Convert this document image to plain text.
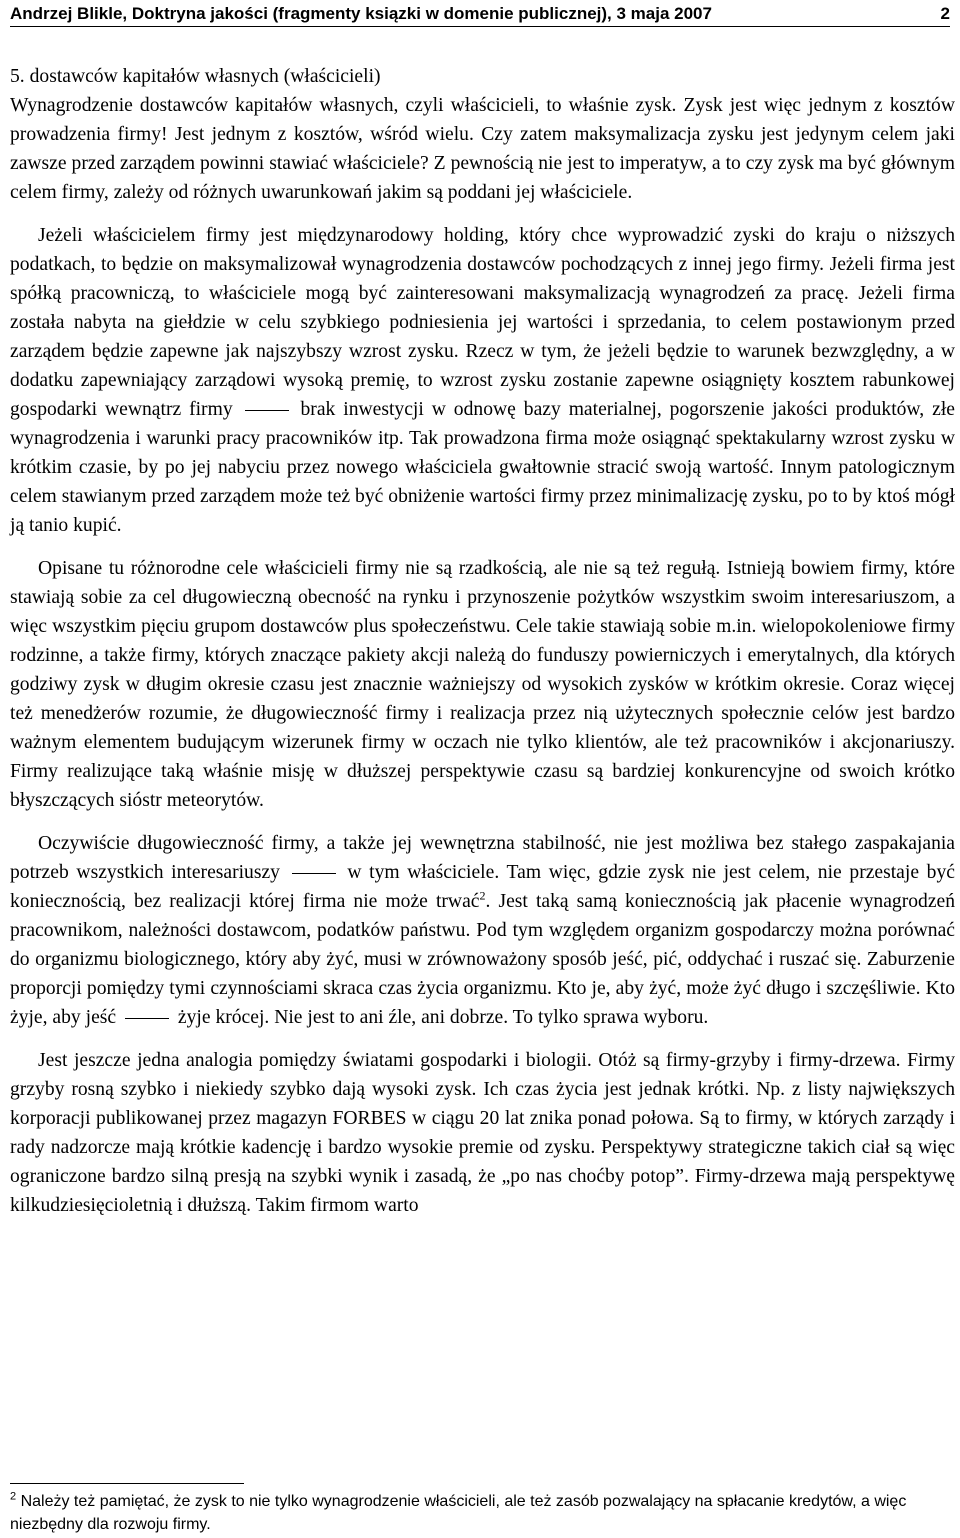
Andrzej Blikle, Doktryna jakości (fragmenty ksiązki w domenie publicznej), 3 maja 2007	2

5. dostawców kapitałów własnych (właścicieli)

Wynagrodzenie dostawców kapitałów własnych, czyli właścicieli, to właśnie zysk. Zysk jest więc jednym z kosztów prowadzenia firmy! Jest jednym z kosztów, wśród wielu. Czy zatem maksymalizacja zysku jest jedynym celem jaki zawsze przed zarządem powinni stawiać właściciele? Z pewnością nie jest to imperatyw, a to czy zysk ma być głównym celem firmy, zależy od różnych uwarunkowań jakim są poddani jej właściciele.

Jeżeli właścicielem firmy jest międzynarodowy holding, który chce wyprowadzić zyski do kraju o niższych podatkach, to będzie on maksymalizował wynagrodzenia dostawców pochodzących z innej jego firmy. Jeżeli firma jest spółką pracowniczą, to właściciele mogą być zainteresowani maksymalizacją wynagrodzeń za pracę. Jeżeli firma została nabyta na giełdzie w celu szybkiego podniesienia jej wartości i sprzedania, to celem postawionym przed zarządem będzie zapewne jak najszybszy wzrost zysku. Rzecz w tym, że jeżeli będzie to warunek bezwzględny, a w dodatku zapewniający zarządowi wysoką premię, to wzrost zysku zostanie zapewne osiągnięty kosztem rabunkowej gospodarki wewnątrz firmy	brak inwestycji w odnowę bazy materialnej, pogorszenie jakości produktów, złe wynagrodzenia i warunki pracy pracowników itp. Tak prowadzona firma może osiągnąć spektakularny wzrost zysku w krótkim czasie, by po jej nabyciu przez nowego właściciela gwałtownie stracić swoją wartość. Innym patologicznym celem stawianym przed zarządem może też być obniżenie wartości firmy przez minimalizację zysku, po to by ktoś mógł ją tanio kupić.

Opisane tu różnorodne cele właścicieli firmy nie są rzadkością, ale nie są też regułą. Istnieją bowiem firmy, które stawiają sobie za cel długowieczną obecność na rynku i przynoszenie pożytków wszystkim swoim interesariuszom, a więc wszystkim pięciu grupom dostawców plus społeczeństwu. Cele takie stawiają sobie m.in. wielopokoleniowe firmy rodzinne, a także firmy, których znaczące pakiety akcji należą do funduszy powierniczych i emerytalnych, dla których godziwy zysk w długim okresie czasu jest znacznie ważniejszy od wysokich zysków w krótkim okresie. Coraz więcej też menedżerów rozumie, że długowieczność firmy i realizacja przez nią użytecznych społecznie celów jest bardzo ważnym elementem budującym wizerunek firmy w oczach nie tylko klientów, ale też pracowników i akcjonariuszy. Firmy realizujące taką właśnie misję w dłuższej perspektywie czasu są bardziej konkurencyjne od swoich krótko błyszczących sióstr meteorytów.

Oczywiście długowieczność firmy, a także jej wewnętrzna stabilność, nie jest możliwa bez stałego zaspakajania potrzeb wszystkich interesariuszy	w tym właściciele. Tam więc, gdzie zysk nie jest celem, nie przestaje być koniecznością, bez realizacji której firma nie może trwać$^2$. Jest taką samą koniecznością jak płacenie wynagrodzeń pracownikom, należności dostawcom, podatków państwu. Pod tym względem organizm gospodarczy można porównać do organizmu biologicznego, który aby żyć, musi w zrównoważony sposób jeść, pić, oddychać i ruszać się. Zaburzenie proporcji pomiędzy tymi czynnościami skraca czas życia organizmu. Kto je, aby żyć, może żyć długo i szczęśliwie. Kto żyje, aby jeść	żyje krócej. Nie jest to ani źle, ani dobrze. To tylko sprawa wyboru.

Jest jeszcze jedna analogia pomiędzy światami gospodarki i biologii. Otóż są firmy-grzyby i firmy-drzewa. Firmy grzyby rosną szybko i niekiedy szybko dają wysoki zysk. Ich czas życia jest jednak krótki. Np. z listy największych korporacji publikowanej przez magazyn FORBES w ciągu 20 lat znika ponad połowa. Są to firmy, w których zarządy i rady nadzorcze mają krótkie kadencję i bardzo wysokie premie od zysku. Perspektywy strategiczne takich ciał są więc ograniczone bardzo silną presją na szybki wynik i zasadą, że „po nas choćby potop”. Firmy-drzewa mają perspektywę kilkudziesięcioletnią i dłuższą. Takim firmom warto

$^2$ Należy też pamiętać, że zysk to nie tylko wynagrodzenie właścicieli, ale też zasób pozwalający na spłacanie kredytów, a więc niezbędny dla rozwoju firmy.
